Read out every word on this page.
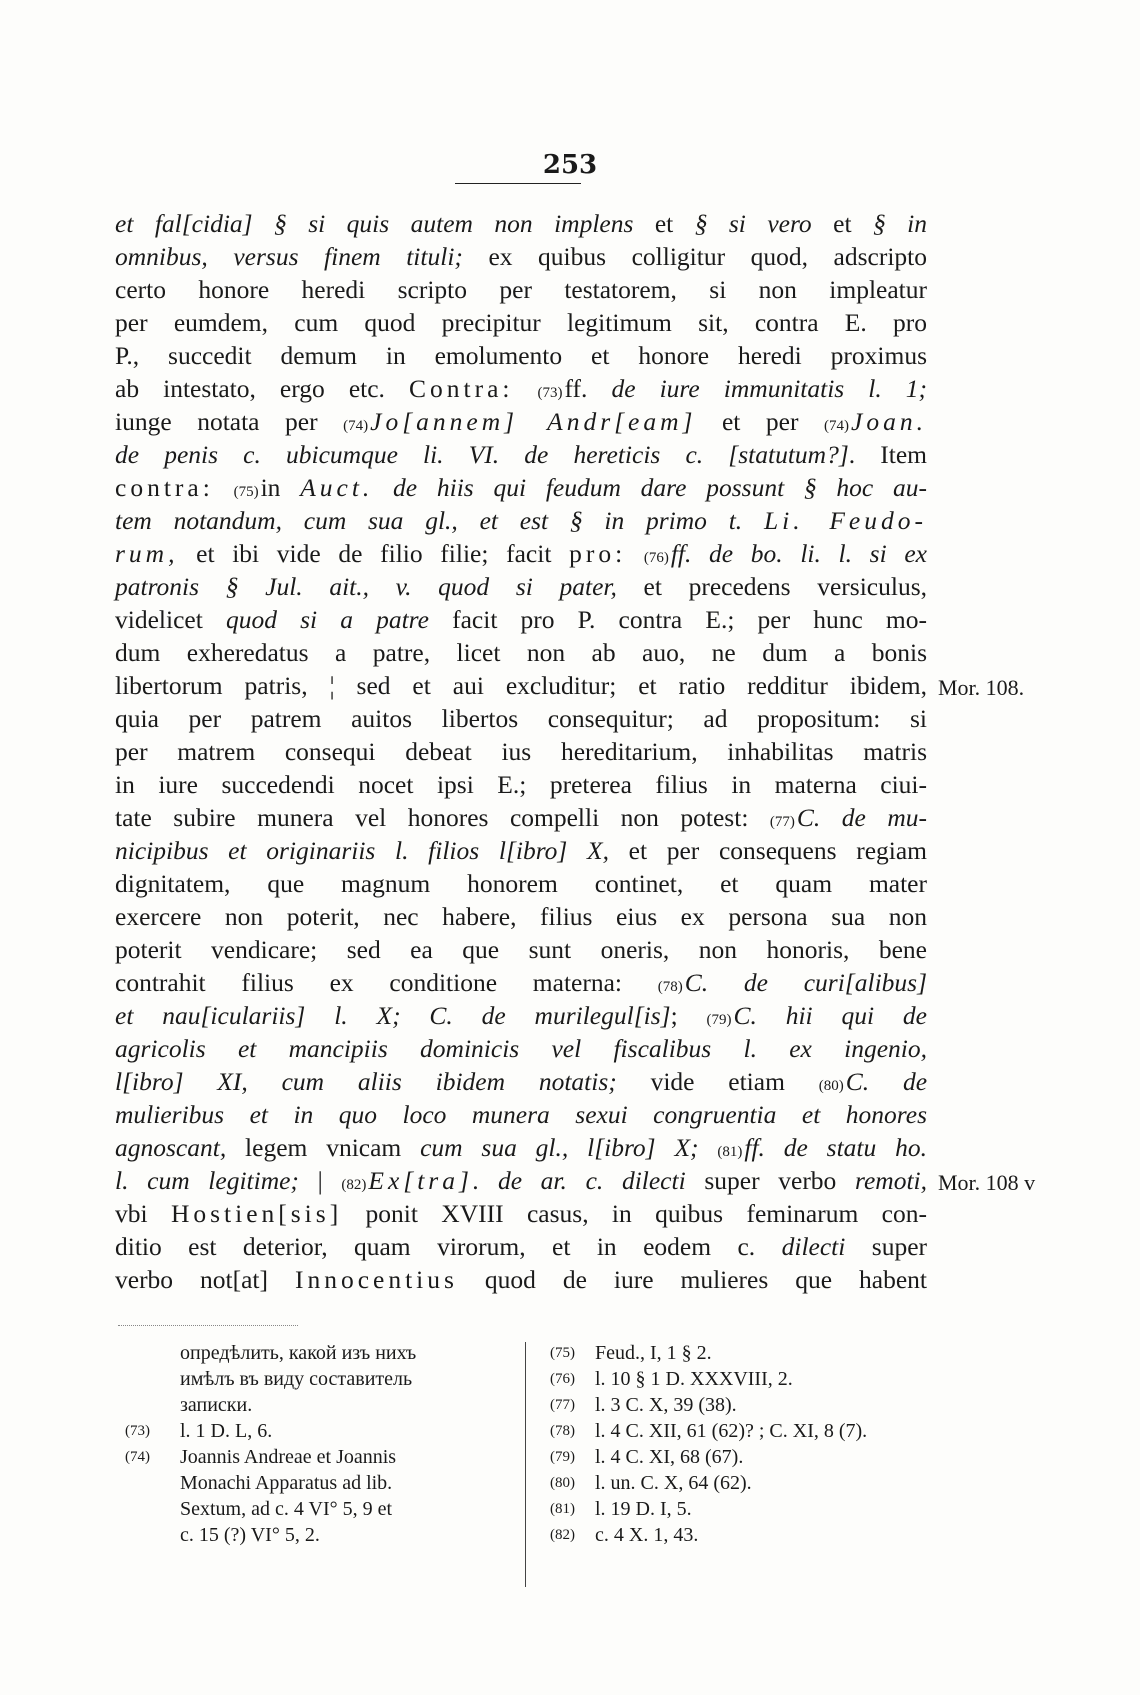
253
et fal[cidia] § si quis autem non implens et § si vero et § in
omnibus, versus finem tituli; ex quibus colligitur quod, adscripto
certo honore heredi scripto per testatorem, si non impleatur
per eumdem, cum quod precipitur legitimum sit, contra E. pro
P., succedit demum in emolumento et honore heredi proximus
ab intestato, ergo etc. Contra: (73)ff. de iure immunitatis l. 1;
iunge notata per (74)Jo[annem] Andr[eam] et per (74)Joan.
de penis c. ubicumque li. VI. de hereticis c. [statutum?]. Item
contra: (75)in Auct. de hiis qui feudum dare possunt § hoc au-
tem notandum, cum sua gl., et est § in primo t. Li. Feudo-
rum, et ibi vide de filio filie; facit pro: (76)ff. de bo. li. l. si ex
patronis § Jul. ait., v. quod si pater, et precedens versiculus,
videlicet quod si a patre facit pro P. contra E.; per hunc mo-
dum exheredatus a patre, licet non ab auo, ne dum a bonis
libertorum patris, ¦ sed et aui excluditur; et ratio redditur ibidem,
quia per patrem auitos libertos consequitur; ad propositum: si
per matrem consequi debeat ius hereditarium, inhabilitas matris
in iure succedendi nocet ipsi E.; preterea filius in materna ciui-
tate subire munera vel honores compelli non potest: (77)C. de mu-
nicipibus et originariis l. filios l[ibro] X, et per consequens regiam
dignitatem, que magnum honorem continet, et quam mater
exercere non poterit, nec habere, filius eius ex persona sua non
poterit vendicare; sed ea que sunt oneris, non honoris, bene
contrahit filius ex conditione materna: (78)C. de curi[alibus]
et nau[iculariis] l. X; C. de murilegul[is]; (79)C. hii qui de
agricolis et mancipiis dominicis vel fiscalibus l. ex ingenio,
l[ibro] XI, cum aliis ibidem notatis; vide etiam (80)C. de
mulieribus et in quo loco munera sexui congruentia et honores
agnoscant, legem vnicam cum sua gl., l[ibro] X; (81)ff. de statu ho.
l. cum legitime; | (82)Ex[tra]. de ar. c. dilecti super verbo remoti,
vbi Hostien[sis] ponit XVIII casus, in quibus feminarum con-
ditio est deterior, quam virorum, et in eodem c. dilecti super
verbo not[at] Innocentius quod de iure mulieres que habent
Mor. 108.
Mor. 108 v
опредѣлить, какой изъ нихъ
имѣлъ въ виду составитель
записки.
(73) l. 1 D. L, 6.
(74) Joannis Andreae et Joannis
Monachi Apparatus ad lib.
Sextum, ad c. 4 VI° 5, 9 et
c. 15 (?) VI° 5, 2.
(75) Feud., I, 1 § 2.
(76) l. 10 § 1 D. XXXVIII, 2.
(77) l. 3 C. X, 39 (38).
(78) l. 4 C. XII, 61 (62)? ; C. XI, 8 (7).
(79) l. 4 C. XI, 68 (67).
(80) l. un. C. X, 64 (62).
(81) l. 19 D. I, 5.
(82) c. 4 X. 1, 43.
